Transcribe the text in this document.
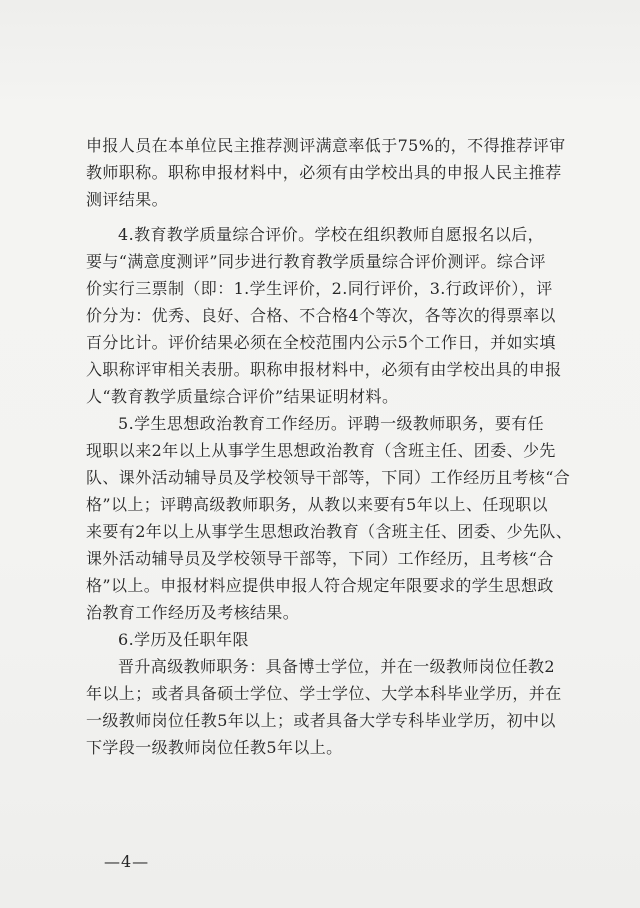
申报人员在本单位民主推荐测评满意率低于75%的，不得推荐评审
教师职称。职称申报材料中，必须有由学校出具的申报人民主推荐
测评结果。
4.教育教学质量综合评价。学校在组织教师自愿报名以后，
要与“满意度测评”同步进行教育教学质量综合评价测评。综合评
价实行三票制（即：1.学生评价，2.同行评价，3.行政评价），评
价分为：优秀、良好、合格、不合格4个等次，各等次的得票率以
百分比计。评价结果必须在全校范围内公示5个工作日，并如实填
入职称评审相关表册。职称申报材料中，必须有由学校出具的申报
人“教育教学质量综合评价”结果证明材料。
5.学生思想政治教育工作经历。评聘一级教师职务，要有任
现职以来2年以上从事学生思想政治教育（含班主任、团委、少先
队、课外活动辅导员及学校领导干部等，下同）工作经历且考核“合
格”以上；评聘高级教师职务，从教以来要有5年以上、任现职以
来要有2年以上从事学生思想政治教育（含班主任、团委、少先队、
课外活动辅导员及学校领导干部等，下同）工作经历，且考核“合
格”以上。申报材料应提供申报人符合规定年限要求的学生思想政
治教育工作经历及考核结果。
6.学历及任职年限
晋升高级教师职务：具备博士学位，并在一级教师岗位任教2
年以上；或者具备硕士学位、学士学位、大学本科毕业学历，并在
一级教师岗位任教5年以上；或者具备大学专科毕业学历，初中以
下学段一级教师岗位任教5年以上。
—4—
